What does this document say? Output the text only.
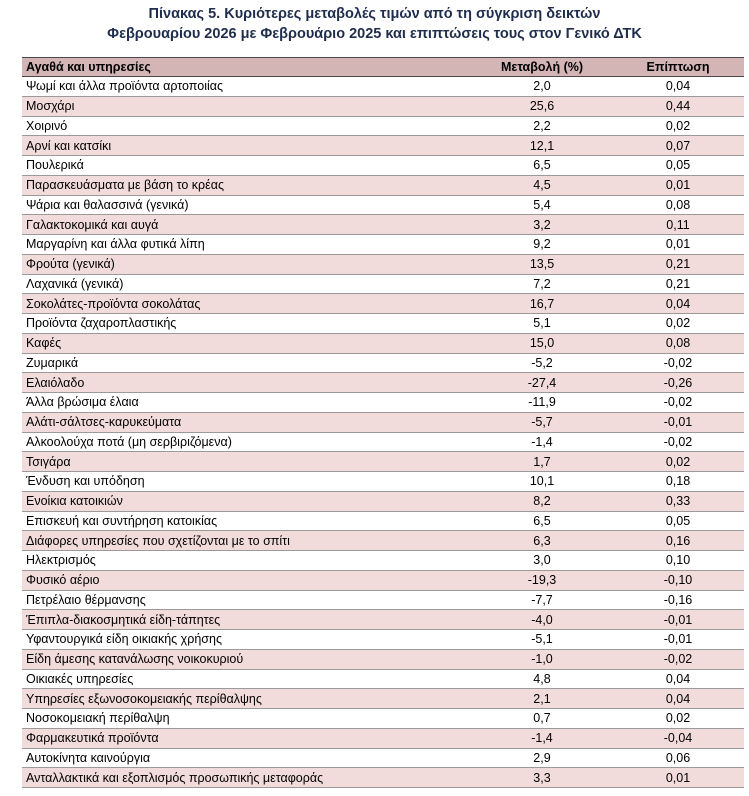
Πίνακας 5. Κυριότερες μεταβολές τιμών από τη σύγκριση δεικτών
Φεβρουαρίου 2026 με Φεβρουάριο 2025 και επιπτώσεις τους στον Γενικό ΔΤΚ
Αγαθά και υπηρεσίες	Μεταβολή (%)	Επίπτωση
Ψωμί και άλλα προϊόντα αρτοποιίας	2,0	0,04
Μοσχάρι	25,6	0,44
Χοιρινό	2,2	0,02
Αρνί και κατσίκι	12,1	0,07
Πουλερικά	6,5	0,05
Παρασκευάσματα με βάση το κρέας	4,5	0,01
Ψάρια και θαλασσινά (γενικά)	5,4	0,08
Γαλακτοκομικά και αυγά	3,2	0,11
Μαργαρίνη και άλλα φυτικά λίπη	9,2	0,01
Φρούτα (γενικά)	13,5	0,21
Λαχανικά (γενικά)	7,2	0,21
Σοκολάτες-προϊόντα σοκολάτας	16,7	0,04
Προϊόντα ζαχαροπλαστικής	5,1	0,02
Καφές	15,0	0,08
Ζυμαρικά	-5,2	-0,02
Ελαιόλαδο	-27,4	-0,26
Άλλα βρώσιμα έλαια	-11,9	-0,02
Αλάτι-σάλτσες-καρυκεύματα	-5,7	-0,01
Αλκοολούχα ποτά (μη σερβιριζόμενα)	-1,4	-0,02
Τσιγάρα	1,7	0,02
Ένδυση και υπόδηση	10,1	0,18
Ενοίκια κατοικιών	8,2	0,33
Επισκευή και συντήρηση κατοικίας	6,5	0,05
Διάφορες υπηρεσίες που σχετίζονται με το σπίτι	6,3	0,16
Ηλεκτρισμός	3,0	0,10
Φυσικό αέριο	-19,3	-0,10
Πετρέλαιο θέρμανσης	-7,7	-0,16
Έπιπλα-διακοσμητικά είδη-τάπητες	-4,0	-0,01
Υφαντουργικά είδη οικιακής χρήσης	-5,1	-0,01
Είδη άμεσης κατανάλωσης νοικοκυριού	-1,0	-0,02
Οικιακές υπηρεσίες	4,8	0,04
Υπηρεσίες εξωνοσοκομειακής περίθαλψης	2,1	0,04
Νοσοκομειακή περίθαλψη	0,7	0,02
Φαρμακευτικά προϊόντα	-1,4	-0,04
Αυτοκίνητα καινούργια	2,9	0,06
Ανταλλακτικά και εξοπλισμός προσωπικής μεταφοράς	3,3	0,01
